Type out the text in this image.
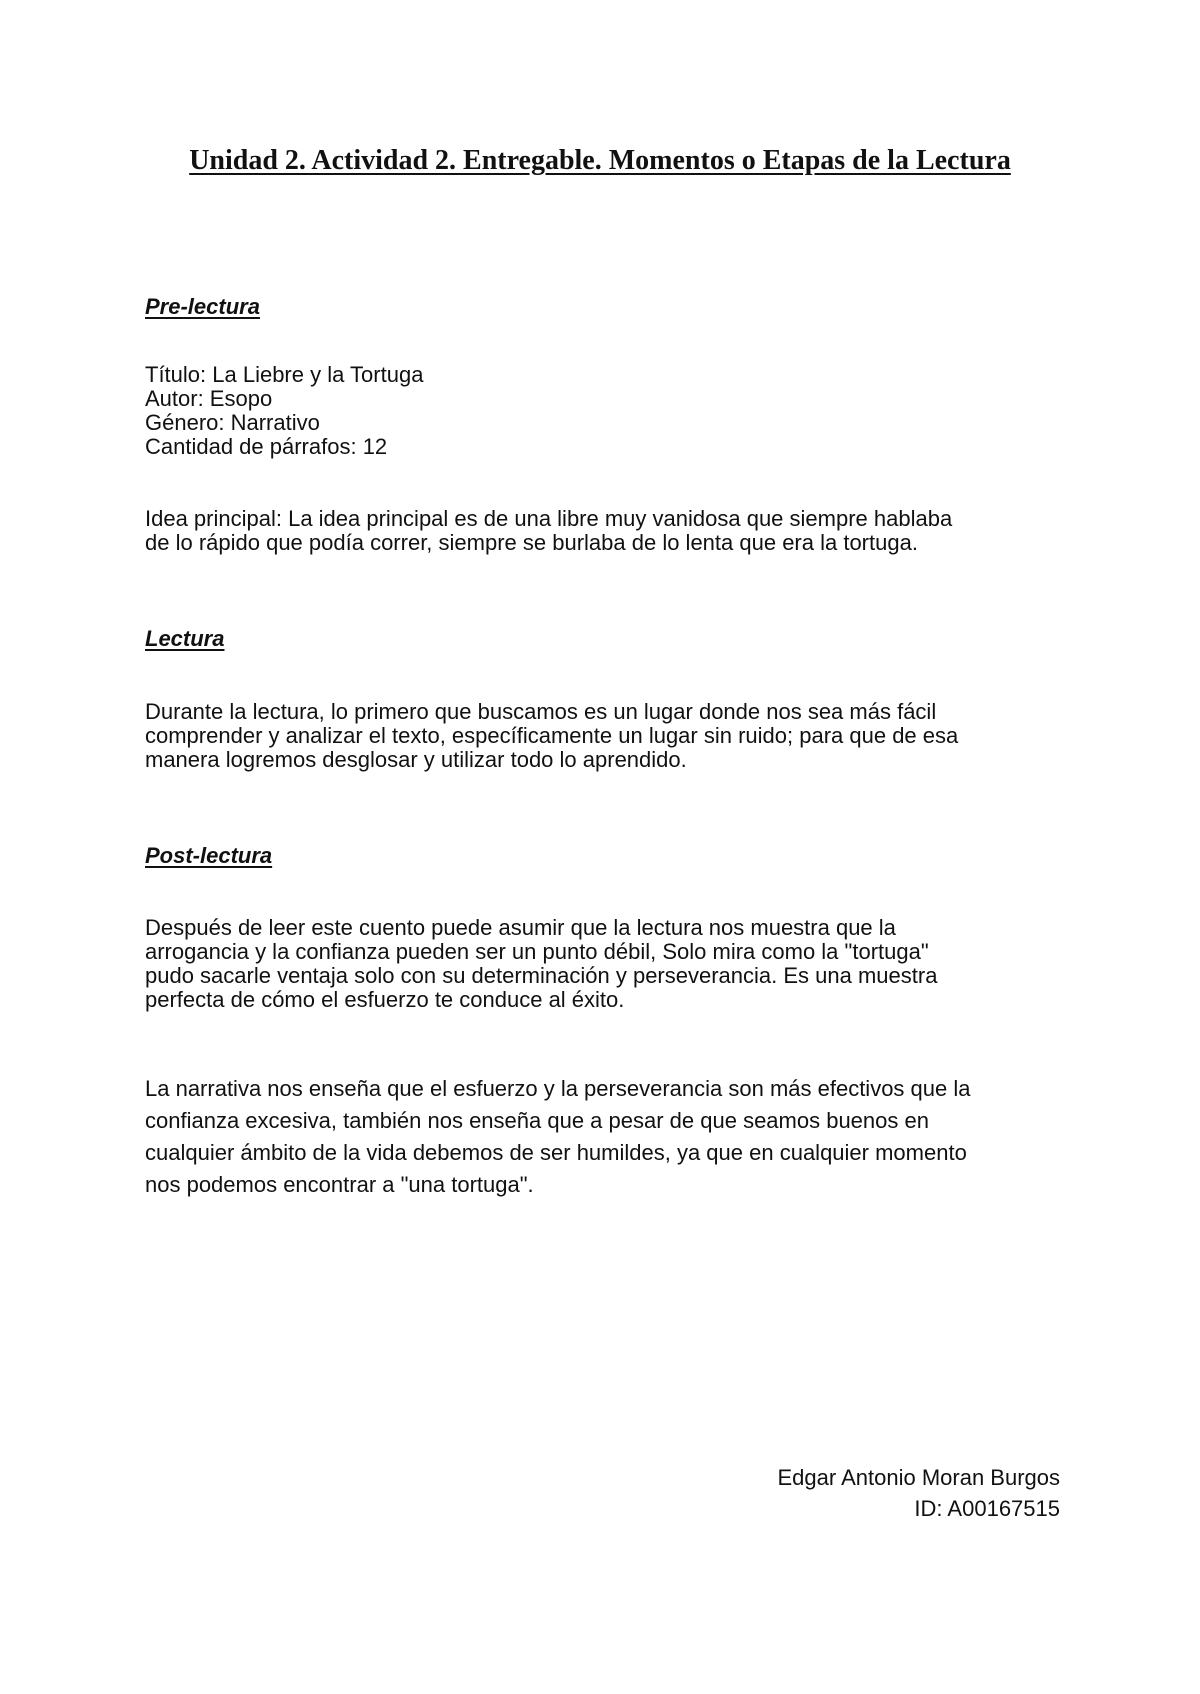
Unidad 2. Actividad 2. Entregable. Momentos o Etapas de la Lectura
Pre-lectura
Título: La Liebre y la Tortuga
Autor: Esopo
Género: Narrativo
Cantidad de párrafos: 12
Idea principal: La idea principal es de una libre muy vanidosa que siempre hablaba
de lo rápido que podía correr, siempre se burlaba de lo lenta que era la tortuga.
Lectura
Durante la lectura, lo primero que buscamos es un lugar donde nos sea más fácil
comprender y analizar el texto, específicamente un lugar sin ruido; para que de esa
manera logremos desglosar y utilizar todo lo aprendido.
Post-lectura
Después de leer este cuento puede asumir que la lectura nos muestra que la
arrogancia y la confianza pueden ser un punto débil, Solo mira como la "tortuga"
pudo sacarle ventaja solo con su determinación y perseverancia. Es una muestra
perfecta de cómo el esfuerzo te conduce al éxito.
La narrativa nos enseña que el esfuerzo y la perseverancia son más efectivos que la
confianza excesiva, también nos enseña que a pesar de que seamos buenos en
cualquier ámbito de la vida debemos de ser humildes, ya que en cualquier momento
nos podemos encontrar a "una tortuga".
Edgar Antonio Moran Burgos
ID: A00167515
